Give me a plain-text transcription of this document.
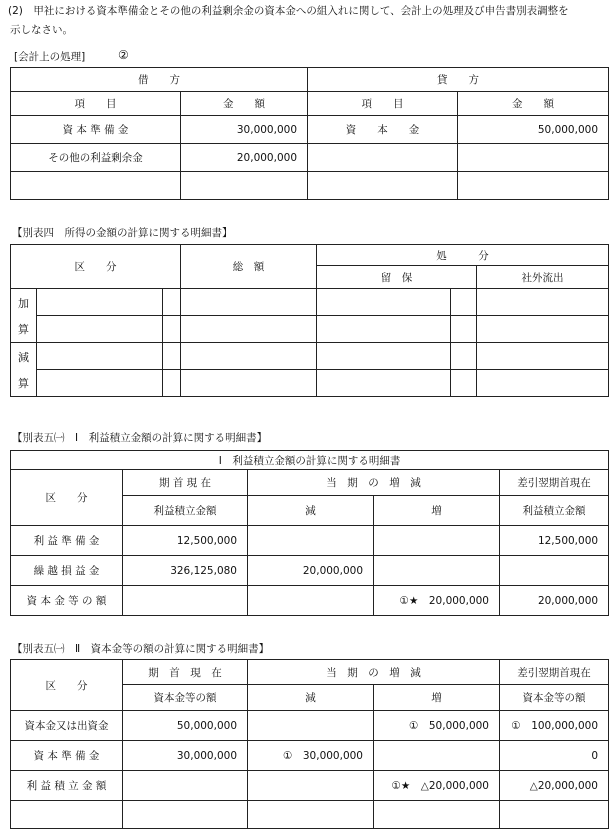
(2)　甲社における資本準備金とその他の利益剰余金の資本金への組入れに関して、会計上の処理及び申告書別表調整を
示しなさい。
[会計上の処理]	②
借　　方		貸　　方	
項　　目	金　　額	項　　目	金　　額
資 本 準 備 金	30,000,000	資　　本　　金	50,000,000
その他の利益剰余金	20,000,000		

【別表四　所得の金額の計算に関する明細書】
区　　分			総　額	処　　　分		
				留　保		社外流出

加
算						

減
算						

【別表五㈠　Ⅰ　利益積立金額の計算に関する明細書】
Ⅰ　利益積立金額の計算に関する明細書				
区　　分	期 首 現 在	当　期　の　増　減		差引翌期首現在
	利益積立金額	減	増	利益積立金額
利 益 準 備 金	12,500,000			12,500,000
繰 越 損 益 金	326,125,080	20,000,000		
資 本 金 等 の 額			①★　20,000,000	20,000,000
【別表五㈠　Ⅱ　資本金等の額の計算に関する明細書】
区　　分	期　首　現　在	当　期　の　増　減		差引翌期首現在
	資本金等の額	減	増	資本金等の額
資本金又は出資金	50,000,000		①　50,000,000	①　100,000,000
資 本 準 備 金	30,000,000	①　30,000,000		0
利 益 積 立 金 額			①★　△20,000,000	△20,000,000
